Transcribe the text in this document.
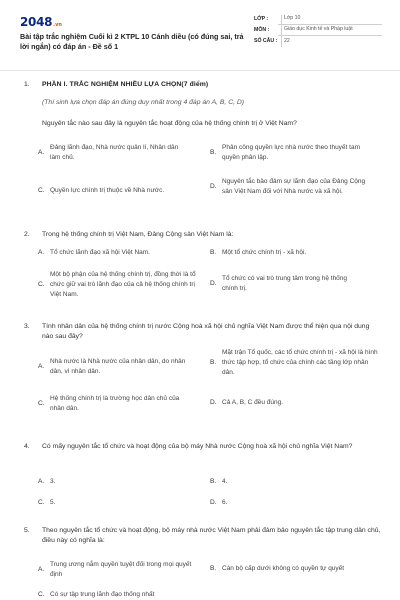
2048 .vn
Bài tập trắc nghiệm Cuối kì 2 KTPL 10 Cánh diều (có đúng sai, trả lời ngắn) có đáp án - Đề số 1
LỚP :	Lớp 10
MÔN :	Giáo dục Kinh tế và Pháp luật
SỐ CÂU :	22
1. PHẦN I. TRẮC NGHIỆM NHIỀU LỰA CHỌN(7 điểm)
(Thí sinh lựa chọn đáp án đúng duy nhất trong 4 đáp án A, B, C, D)
Nguyên tắc nào sau đây là nguyên tắc hoạt động của hệ thống chính trị ở Việt Nam?
A.
Đảng lãnh đạo, Nhà nước quản lí, Nhân dân làm chủ.
B.
Phân công quyền lực nhà nước theo thuyết tam quyền phân lập.
C. Quyền lực chính trị thuộc về Nhà nước.
D.
Nguyên tắc bảo đảm sự lãnh đạo của Đảng Cộng sản Việt Nam đối với Nhà nước và xã hội.
2. Trong hệ thống chính trị Việt Nam, Đảng Cộng sản Việt Nam là:
A. Tổ chức lãnh đạo xã hội Việt Nam.	B. Một tổ chức chính trị - xã hội.
C.
Một bộ phận của hệ thống chính trị, đồng thời là tổ chức giữ vai trò lãnh đạo của cả hệ thống chính trị Việt Nam.
D.
Tổ chức có vai trò trung tâm trong hệ thống chính trị.
3. Tính nhân dân của hệ thống chính trị nước Cộng hoà xã hội chủ nghĩa Việt Nam được thể hiện qua nội dung nào sau đây?
A.
Nhà nước là Nhà nước của nhân dân, do nhân dân, vì nhân dân.
B.
Mặt trận Tổ quốc, các tổ chức chính trị - xã hội là hình thức tập hợp, tổ chức của chính các tầng lớp nhân dân.
C.
Hệ thống chính trị là trường học dân chủ của nhân dân.
D. Cả A, B, C đều đúng.
4. Có mấy nguyên tắc tổ chức và hoạt động của bộ máy Nhà nước Cộng hoà xã hội chủ nghĩa Việt Nam?
A. 3.	B. 4.
C. 5.	D. 6.
5. Theo nguyên tắc tổ chức và hoạt động, bộ máy nhà nước Việt Nam phải đảm bảo nguyên tắc tập trung dân chủ, điều này có nghĩa là:
A.
Trung ương nắm quyền tuyệt đối trong mọi quyết định
B. Cán bộ cấp dưới không có quyền tự quyết
C. Có sự tập trung lãnh đạo thống nhất
